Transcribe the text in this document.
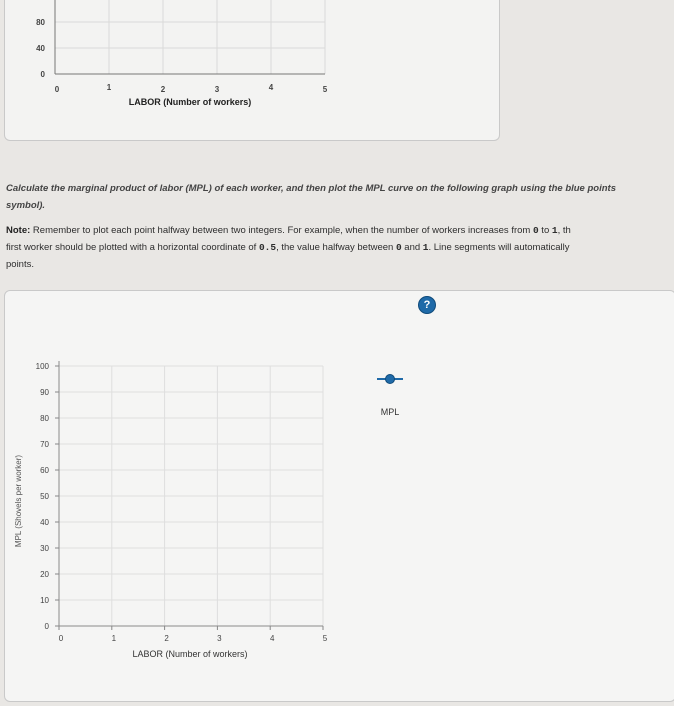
80
40
0
0	1	2	3	4	5
LABOR (Number of workers)
Calculate the marginal product of labor (MPL) of each worker, and then plot the MPL curve on the following graph using the blue points
symbol).
Note: Remember to plot each point halfway between two integers. For example, when the number of workers increases from 0 to 1, th
first worker should be plotted with a horizontal coordinate of 0.5, the value halfway between 0 and 1. Line segments will automatically
points.
0
10
20
30
40
50
60
70
80
90
100
0	1	2	3	4	5
MPL (Shovels per worker)
LABOR (Number of workers)
MPL
?
